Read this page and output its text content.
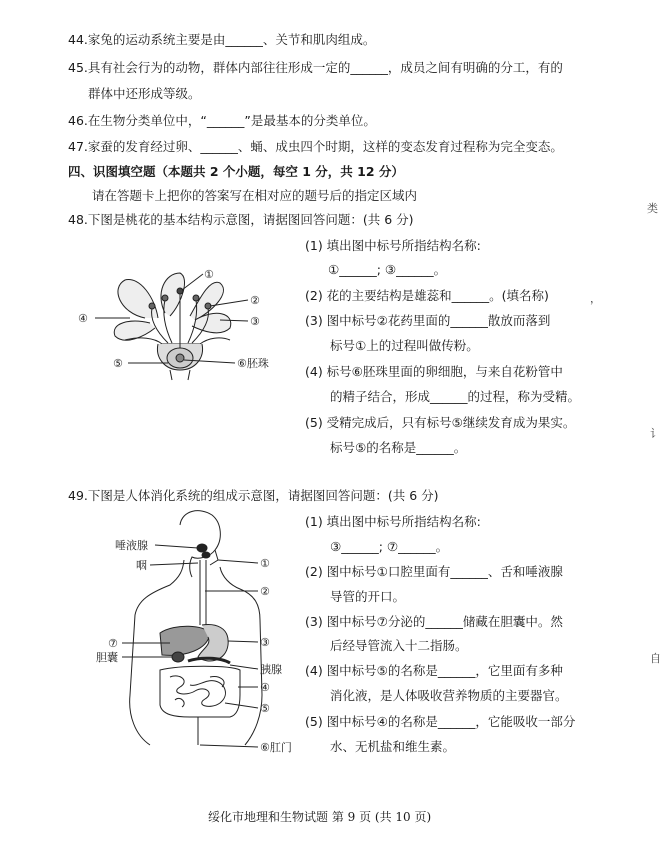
44.家兔的运动系统主要是由______、关节和肌肉组成。
45.具有社会行为的动物，群体内部往往形成一定的______，成员之间有明确的分工，有的
群体中还形成等级。
46.在生物分类单位中，“______”是最基本的分类单位。
47.家蚕的发育经过卵、______、蛹、成虫四个时期，这样的变态发育过程称为完全变态。
四、识图填空题（本题共 2 个小题，每空 1 分，共 12 分）
请在答题卡上把你的答案写在相对应的题号后的指定区域内
48.下图是桃花的基本结构示意图，请据图回答问题：(共 6 分)
(1) 填出图中标号所指结构名称:
①______; ③______。
(2) 花的主要结构是雄蕊和______。(填名称)
(3) 图中标号②花药里面的______散放而落到
标号①上的过程叫做传粉。
(4) 标号⑥胚珠里面的卵细胞，与来自花粉管中
的精子结合，形成______的过程，称为受精。
(5) 受精完成后，只有标号⑤继续发育成为果实。
标号⑤的名称是______。
49.下图是人体消化系统的组成示意图，请据图回答问题：(共 6 分)
(1) 填出图中标号所指结构名称:
③______; ⑦______。
(2) 图中标号①口腔里面有______、舌和唾液腺
导管的开口。
(3) 图中标号⑦分泌的______储藏在胆囊中。然
后经导管流入十二指肠。
(4) 图中标号⑤的名称是______，它里面有多种
消化液，是人体吸收营养物质的主要器官。
(5) 图中标号④的名称是______，它能吸收一部分
水、无机盐和维生素。
绥化市地理和生物试题 第 9 页 (共 10 页)
类
，
讠
自
①
②
③
④
⑤	⑥胚珠
唾液腺
咽	①
②
③
⑦
胆囊
胰腺
④
⑤
⑥肛门
